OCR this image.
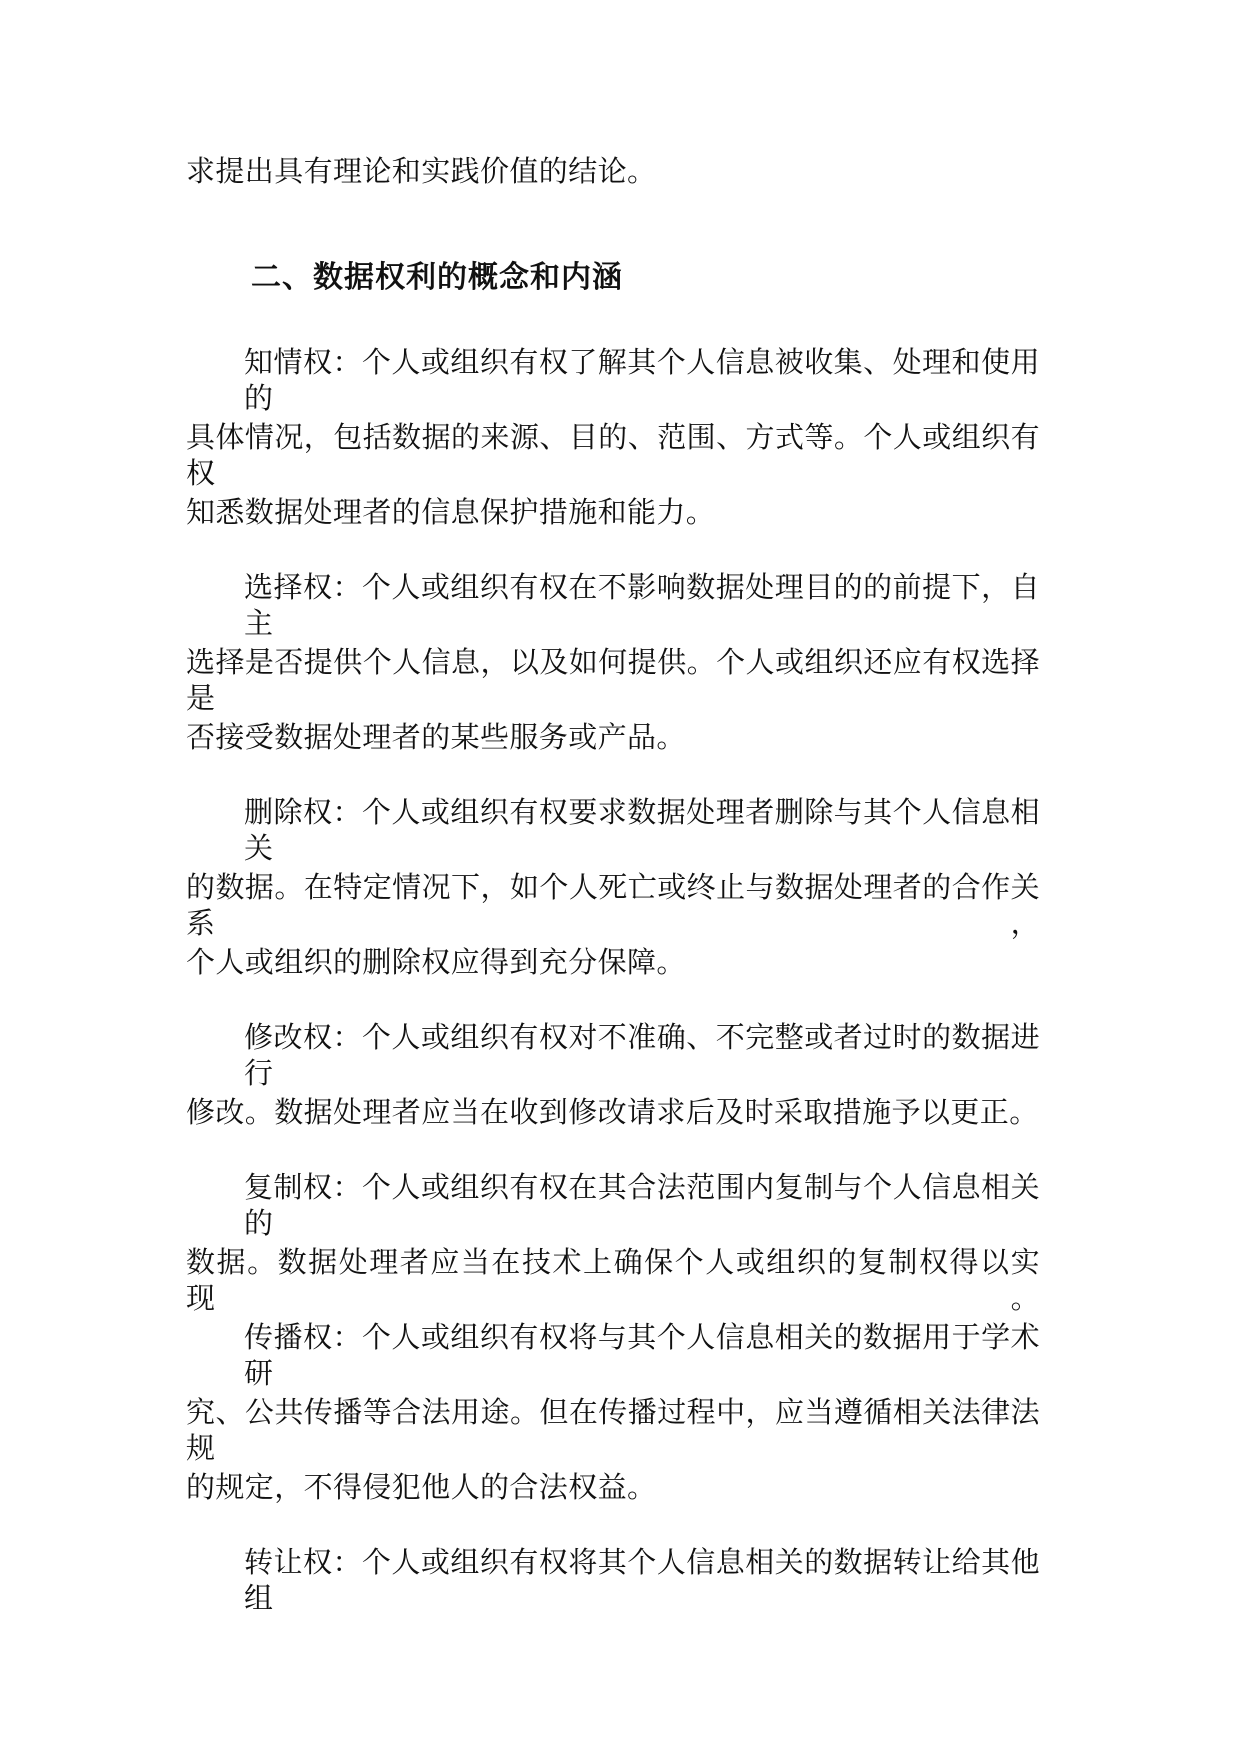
求提出具有理论和实践价值的结论。
二、数据权利的概念和内涵
知情权：个人或组织有权了解其个人信息被收集、处理和使用的
具体情况，包括数据的来源、目的、范围、方式等。个人或组织有权
知悉数据处理者的信息保护措施和能力。
选择权：个人或组织有权在不影响数据处理目的的前提下，自主
选择是否提供个人信息，以及如何提供。个人或组织还应有权选择是
否接受数据处理者的某些服务或产品。
删除权：个人或组织有权要求数据处理者删除与其个人信息相关
的数据。在特定情况下，如个人死亡或终止与数据处理者的合作关系，
个人或组织的删除权应得到充分保障。
修改权：个人或组织有权对不准确、不完整或者过时的数据进行
修改。数据处理者应当在收到修改请求后及时采取措施予以更正。
复制权：个人或组织有权在其合法范围内复制与个人信息相关的
数据。数据处理者应当在技术上确保个人或组织的复制权得以实现。
传播权：个人或组织有权将与其个人信息相关的数据用于学术研
究、公共传播等合法用途。但在传播过程中，应当遵循相关法律法规
的规定，不得侵犯他人的合法权益。
转让权：个人或组织有权将其个人信息相关的数据转让给其他组
